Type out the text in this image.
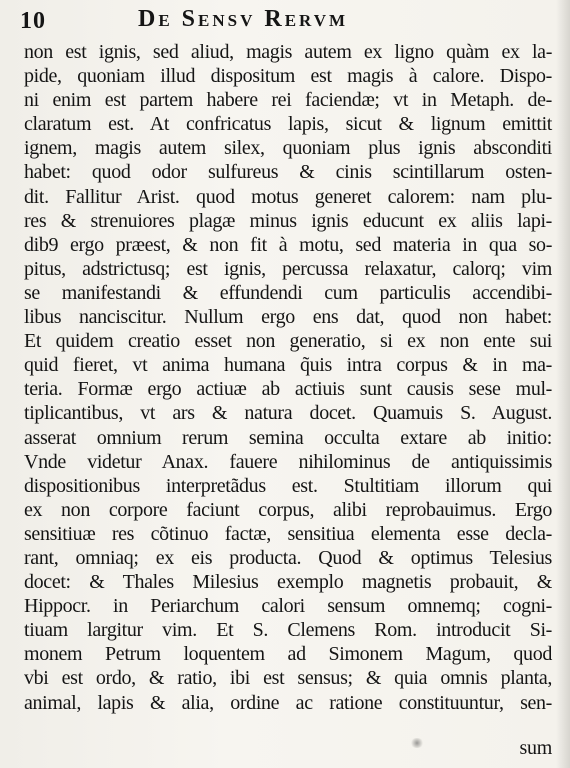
10	De Sensv Rervm
non est ignis, sed aliud, magis autem ex ligno quàm ex la-
pide, quoniam illud dispositum est magis à calore. Dispo-
ni enim est partem habere rei faciendæ; vt in Metaph. de-
claratum est. At confricatus lapis, sicut & lignum emittit
ignem, magis autem silex, quoniam plus ignis absconditi
habet: quod odor sulfureus & cinis scintillarum osten-
dit. Fallitur Arist. quod motus generet calorem: nam plu-
res & strenuiores plagæ minus ignis educunt ex aliis lapi-
dib9 ergo præest, & non fit à motu, sed materia in qua so-
pitus, adstrictusq; est ignis, percussa relaxatur, calorq; vim
se manifestandi & effundendi cum particulis accendibi-
libus nanciscitur. Nullum ergo ens dat, quod non habet:
Et quidem creatio esset non generatio, si ex non ente sui
quid fieret, vt anima humana q̃uis intra corpus & in ma-
teria. Formæ ergo actiuæ ab actiuis sunt causis sese mul-
tiplicantibus, vt ars & natura docet. Quamuis S. August.
asserat omnium rerum semina occulta extare ab initio:
Vnde videtur Anax. fauere nihilominus de antiquissimis
dispositionibus interpretãdus est. Stultitiam illorum qui
ex non corpore faciunt corpus, alibi reprobauimus. Ergo
sensitiuæ res cõtinuo factæ, sensitiua elementa esse decla-
rant, omniaq; ex eis producta. Quod & optimus Telesius
docet: & Thales Milesius exemplo magnetis probauit, &
Hippocr. in Periarchum calori sensum omnemq; cogni-
tiuam largitur vim. Et S. Clemens Rom. introducit Si-
monem Petrum loquentem ad Simonem Magum, quod
vbi est ordo, & ratio, ibi est sensus; & quia omnis planta,
animal, lapis & alia, ordine ac ratione constituuntur, sen-
sum
